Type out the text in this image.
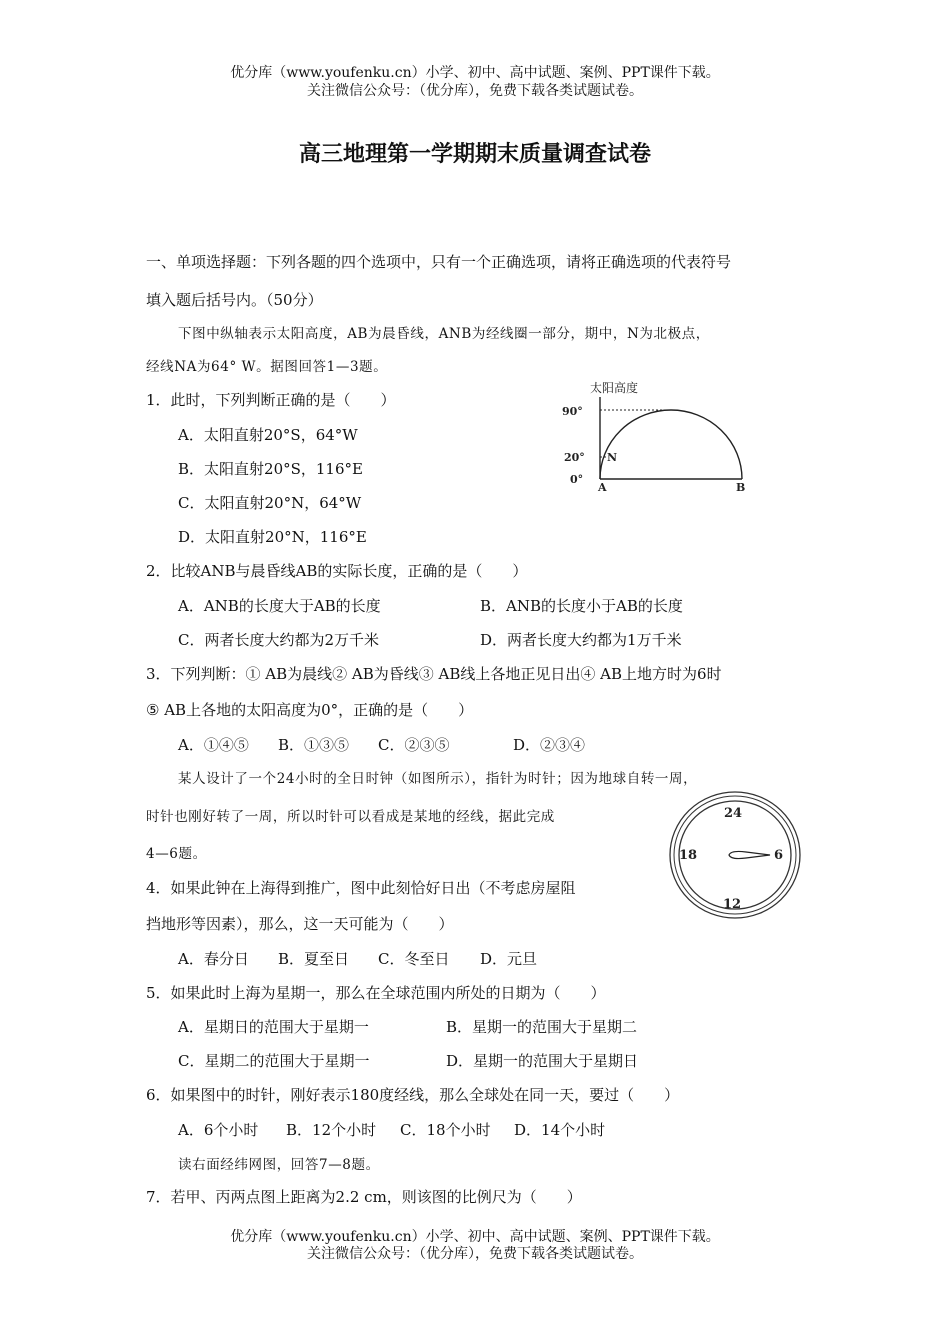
优分库（www.youfenku.cn）小学、初中、高中试题、案例、PPT课件下载。
关注微信公众号：（优分库），免费下载各类试题试卷。
高三地理第一学期期末质量调查试卷
一、单项选择题：下列各题的四个选项中，只有一个正确选项，请将正确选项的代表符号
填入题后括号内。（50分）
下图中纵轴表示太阳高度，AB为晨昏线，ANB为经线圈一部分，期中，N为北极点，
经线NA为64° W。据图回答1—3题。
1．此时，下列判断正确的是（　　）
A．太阳直射20°S，64°W
B．太阳直射20°S，116°E
C．太阳直射20°N，64°W
D．太阳直射20°N，116°E
太阳高度
90°
20°
0°
N
A	B
2．比较ANB与晨昏线AB的实际长度，正确的是（　　）
A．ANB的长度大于AB的长度	B．ANB的长度小于AB的长度
C．两者长度大约都为2万千米	D．两者长度大约都为1万千米
3．下列判断：① AB为晨线② AB为昏线③ AB线上各地正见日出④ AB上地方时为6时
⑤ AB上各地的太阳高度为0°，正确的是（　　）
A．①④⑤ B．①③⑤ C．②③⑤	D．②③④
某人设计了一个24小时的全日时钟（如图所示），指针为时针；因为地球自转一周，
时针也刚好转了一周，所以时针可以看成是某地的经线，据此完成
4—6题。
24
6
12
18
4．如果此钟在上海得到推广，图中此刻恰好日出（不考虑房屋阻
挡地形等因素），那么，这一天可能为（　　）
A．春分日 B．夏至日 C．冬至日 D．元旦
5．如果此时上海为星期一，那么在全球范围内所处的日期为（　　）
A．星期日的范围大于星期一	B．星期一的范围大于星期二
C．星期二的范围大于星期一	D．星期一的范围大于星期日
6．如果图中的时针，刚好表示180度经线，那么全球处在同一天，要过（　　）
A．6个小时 B．12个小时 C．18个小时 D．14个小时
读右面经纬网图，回答7—8题。
7．若甲、丙两点图上距离为2.2 cm，则该图的比例尺为（　　）
优分库（www.youfenku.cn）小学、初中、高中试题、案例、PPT课件下载。
关注微信公众号：（优分库），免费下载各类试题试卷。
